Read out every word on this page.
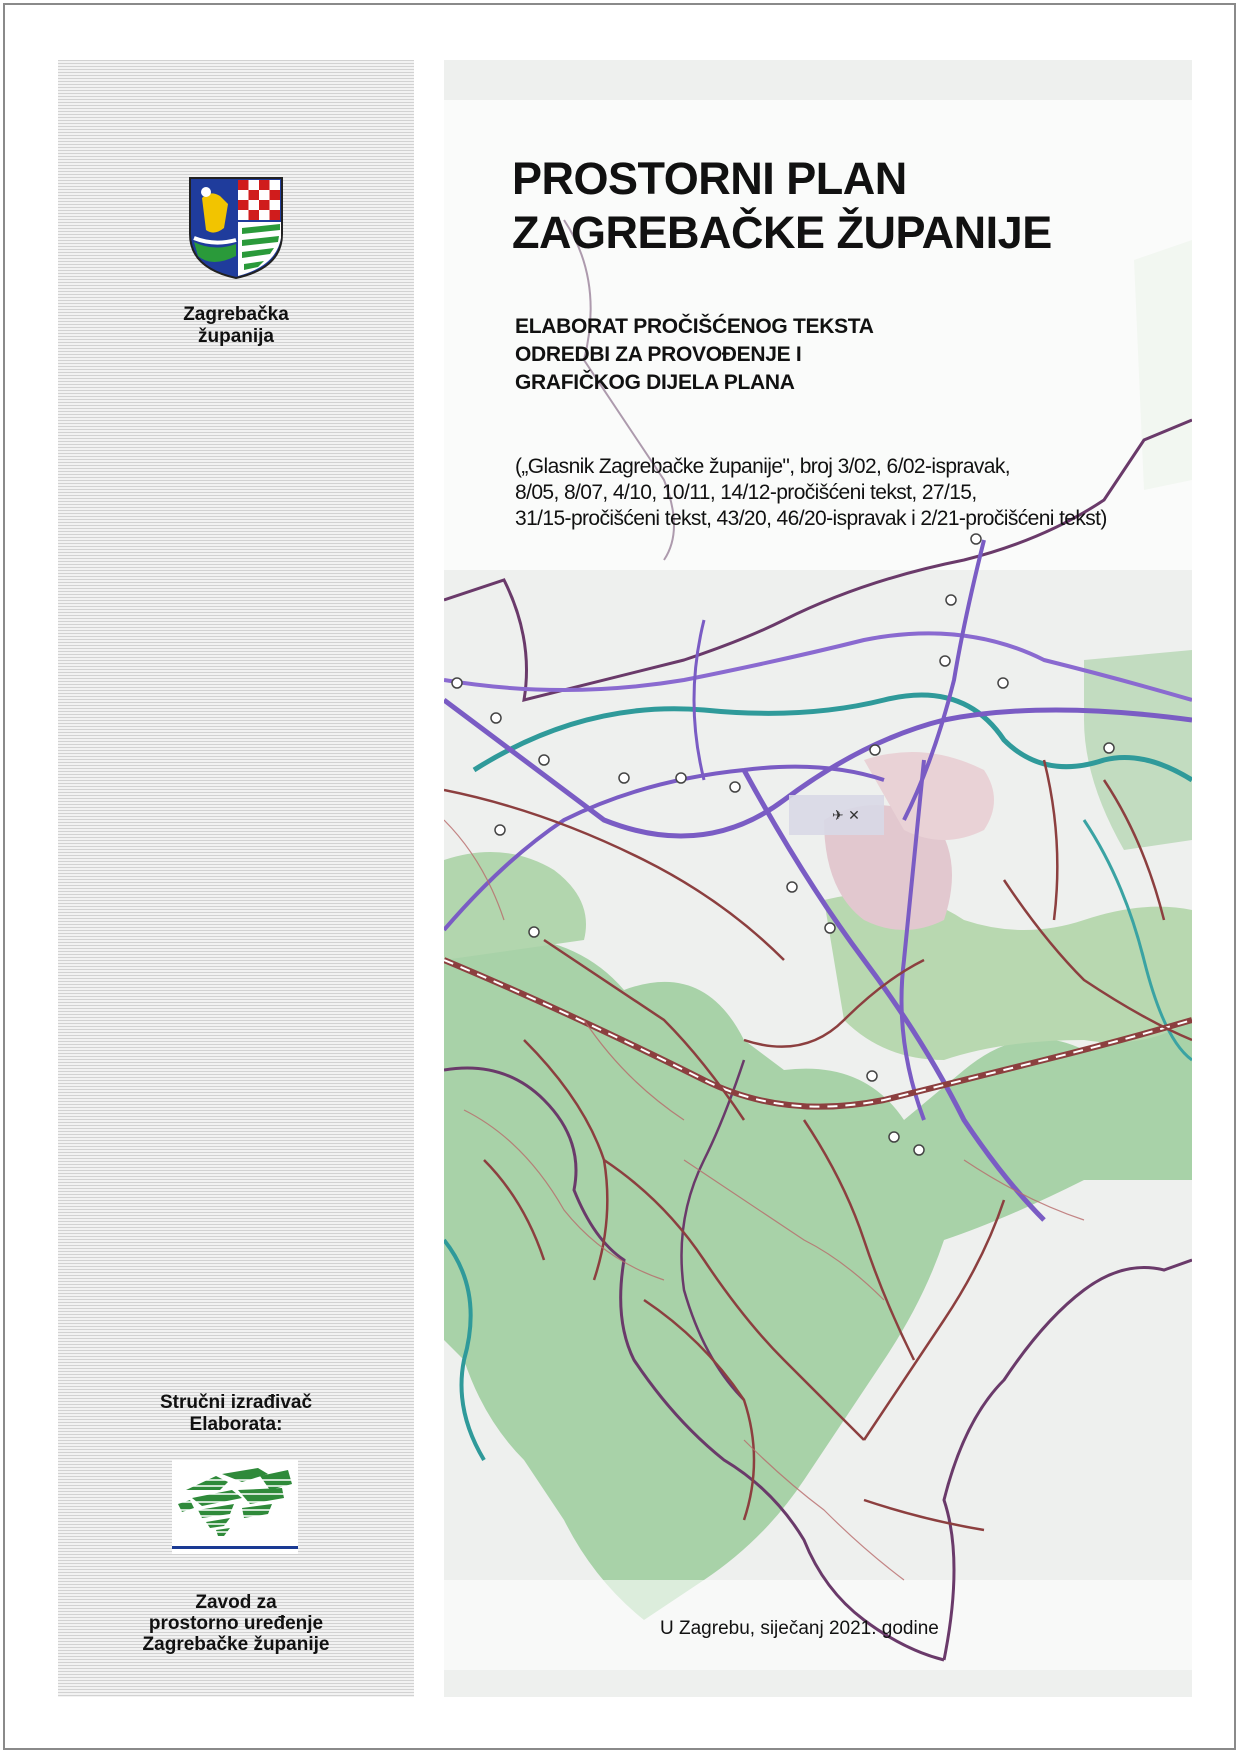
Zagrebačka
županija

Stručni izrađivač
Elaborata:

Zavod za
prostorno uređenje
Zagrebačke županije

✈ ✕
PROSTORNI PLAN
ZAGREBAČKE ŽUPANIJE

ELABORAT PROČIŠĆENOG TEKSTA
ODREDBI ZA PROVOĐENJE I
GRAFIČKOG DIJELA PLANA

(„Glasnik Zagrebačke županije", broj 3/02, 6/02-ispravak,
8/05, 8/07, 4/10, 10/11, 14/12-pročišćeni tekst, 27/15,
31/15-pročišćeni tekst, 43/20, 46/20-ispravak i 2/21-pročišćeni tekst)

U Zagrebu, siječanj 2021. godine
